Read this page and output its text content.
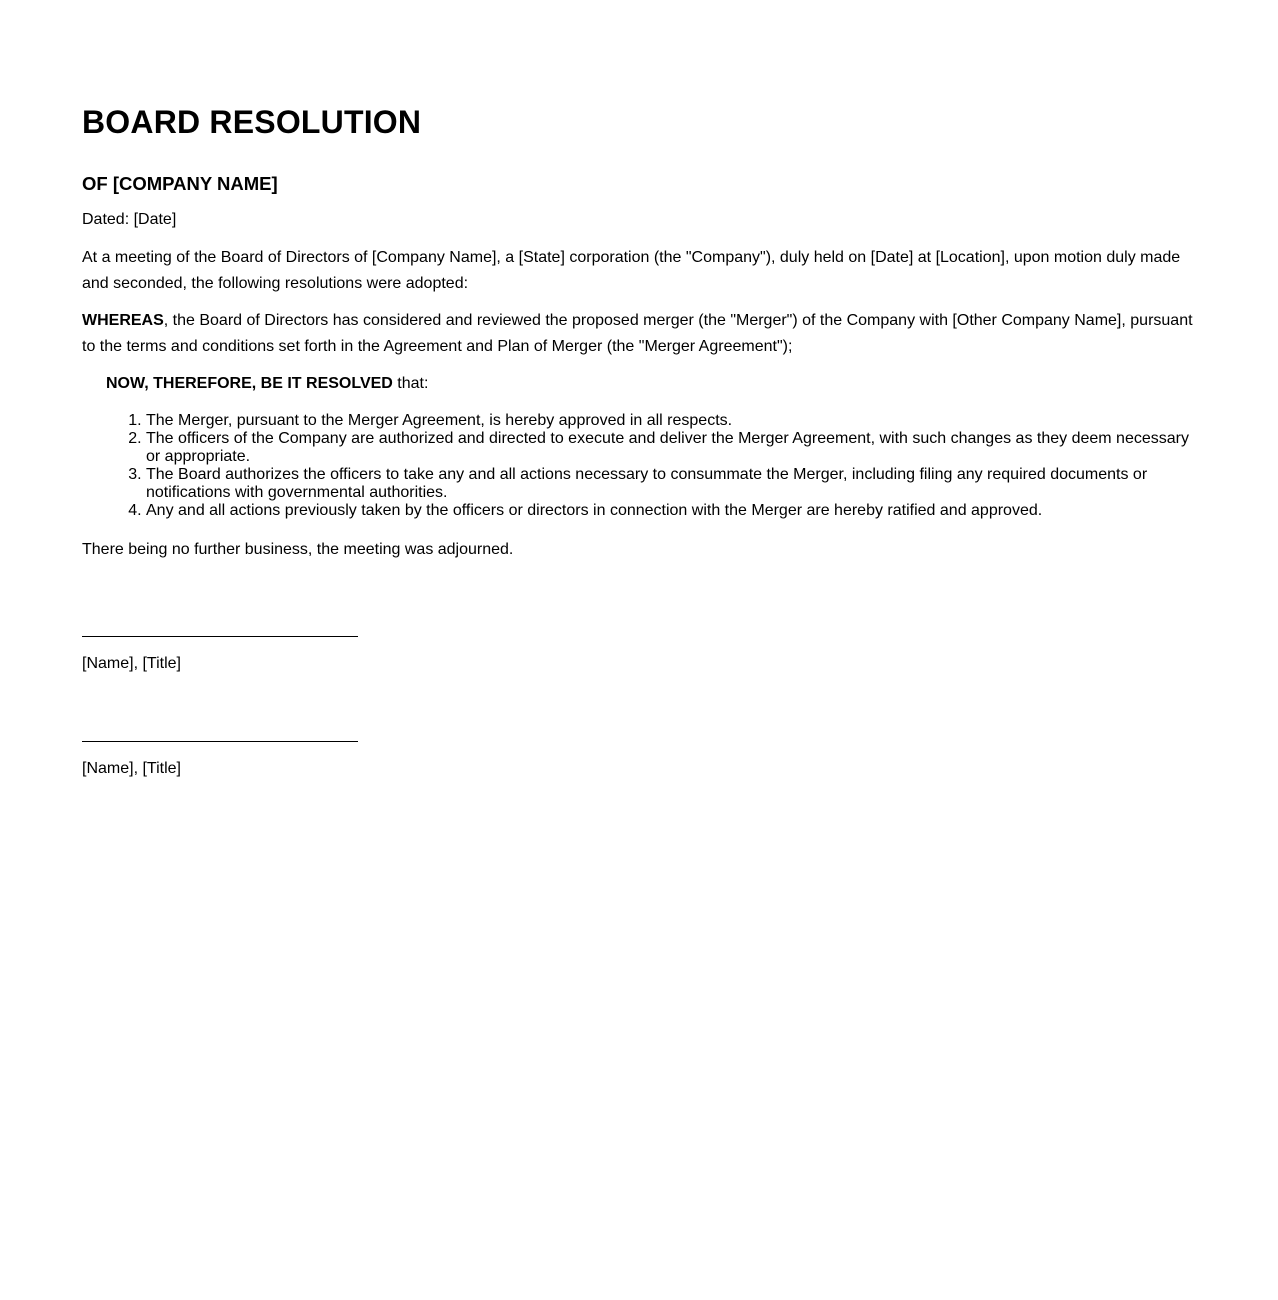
BOARD RESOLUTION
OF [COMPANY NAME]

Dated: [Date]

At a meeting of the Board of Directors of [Company Name], a [State] corporation (the "Company"), duly held on [Date] at [Location], upon motion duly made and seconded, the following resolutions were adopted:

WHEREAS, the Board of Directors has considered and reviewed the proposed merger (the "Merger") of the Company with [Other Company Name], pursuant to the terms and conditions set forth in the Agreement and Plan of Merger (the "Merger Agreement");

NOW, THEREFORE, BE IT RESOLVED that:

1. The Merger, pursuant to the Merger Agreement, is hereby approved in all respects.
2. The officers of the Company are authorized and directed to execute and deliver the Merger Agreement, with such changes as they deem necessary or appropriate.
3. The Board authorizes the officers to take any and all actions necessary to consummate the Merger, including filing any required documents or notifications with governmental authorities.
4. Any and all actions previously taken by the officers or directors in connection with the Merger are hereby ratified and approved.

There being no further business, the meeting was adjourned.

[Name], [Title]

[Name], [Title]
